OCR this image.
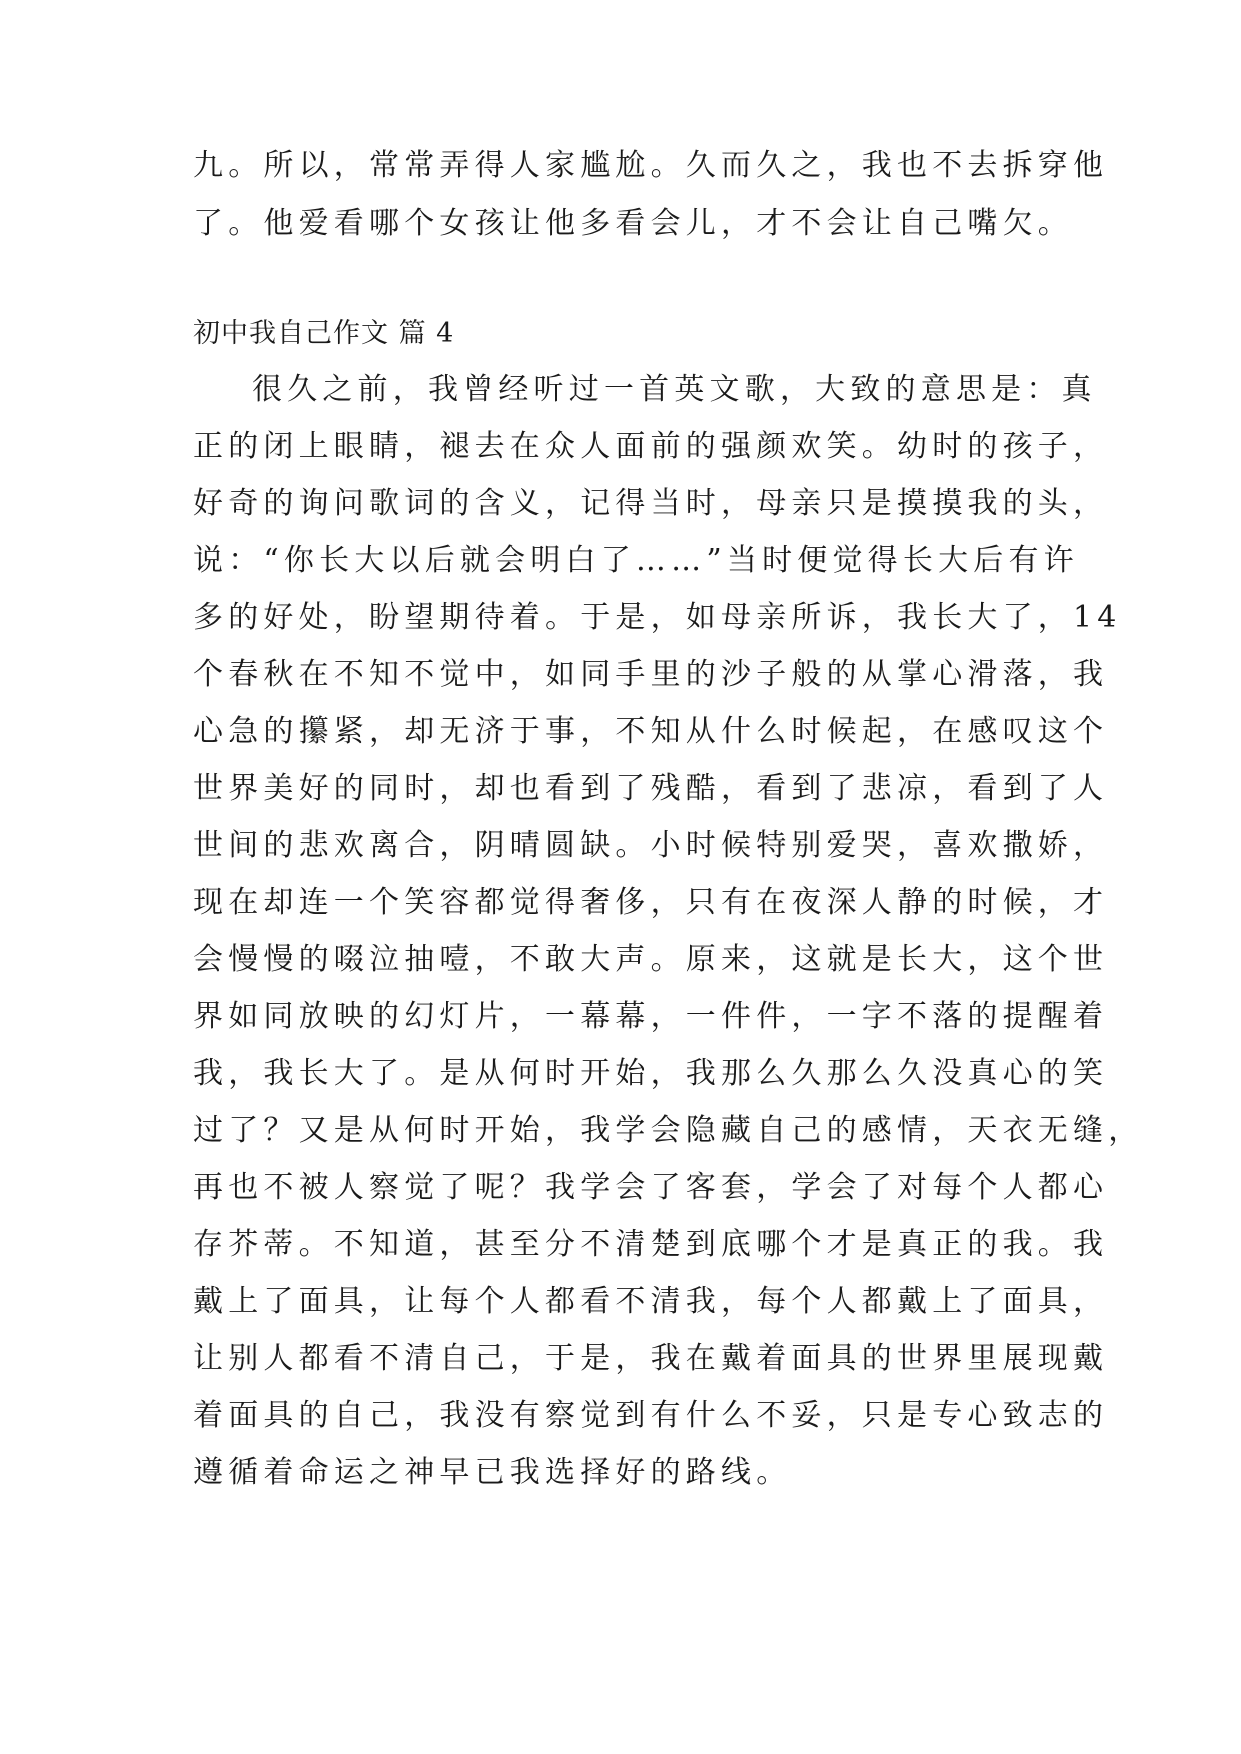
九。所以，常常弄得人家尴尬。久而久之，我也不去拆穿他
了。他爱看哪个女孩让他多看会儿，才不会让自己嘴欠。
初中我自己作文 篇 4
很久之前，我曾经听过一首英文歌，大致的意思是：真
正的闭上眼睛，褪去在众人面前的强颜欢笑。幼时的孩子，
好奇的询问歌词的含义，记得当时，母亲只是摸摸我的头，
说：“你长大以后就会明白了……”当时便觉得长大后有许
多的好处，盼望期待着。于是，如母亲所诉，我长大了，14
个春秋在不知不觉中，如同手里的沙子般的从掌心滑落，我
心急的攥紧，却无济于事，不知从什么时候起，在感叹这个
世界美好的同时，却也看到了残酷，看到了悲凉，看到了人
世间的悲欢离合，阴晴圆缺。小时候特别爱哭，喜欢撒娇，
现在却连一个笑容都觉得奢侈，只有在夜深人静的时候，才
会慢慢的啜泣抽噎，不敢大声。原来，这就是长大，这个世
界如同放映的幻灯片，一幕幕，一件件，一字不落的提醒着
我，我长大了。是从何时开始，我那么久那么久没真心的笑
过了？又是从何时开始，我学会隐藏自己的感情，天衣无缝，
再也不被人察觉了呢？我学会了客套，学会了对每个人都心
存芥蒂。不知道，甚至分不清楚到底哪个才是真正的我。我
戴上了面具，让每个人都看不清我，每个人都戴上了面具，
让别人都看不清自己，于是，我在戴着面具的世界里展现戴
着面具的自己，我没有察觉到有什么不妥，只是专心致志的
遵循着命运之神早已我选择好的路线。
